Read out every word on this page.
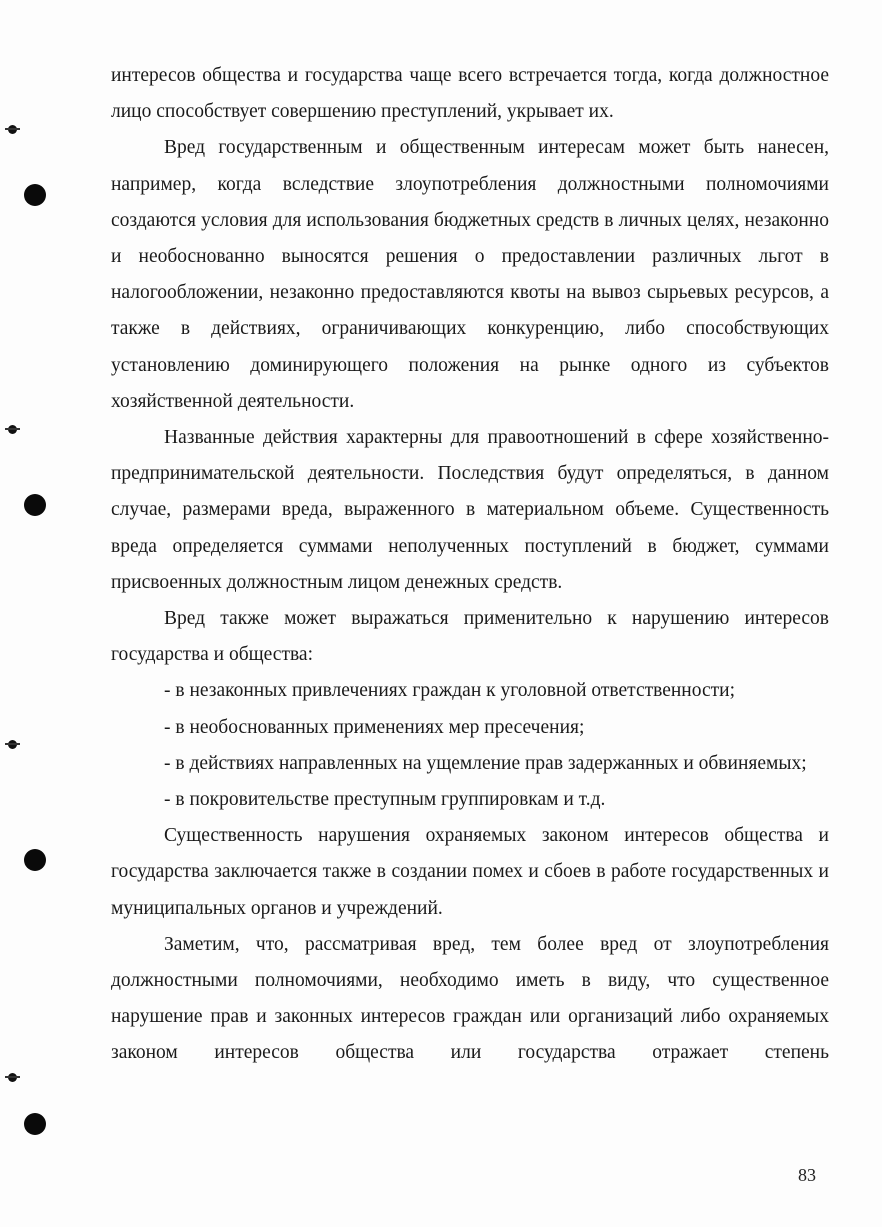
интересов общества и государства чаще всего встречается тогда, когда должностное лицо способствует совершению преступлений, укрывает их.

Вред государственным и общественным интересам может быть нанесен, например, когда вследствие злоупотребления должностными полномочиями создаются условия для использования бюджетных средств в личных целях, незаконно и необоснованно выносятся решения о предоставлении различных льгот в налогообложении, незаконно предоставляются квоты на вывоз сырьевых ресурсов, а также в действиях, ограничивающих конкуренцию, либо способствующих установлению доминирующего положения на рынке одного из субъектов хозяйственной деятельности.

Названные действия характерны для правоотношений в сфере хозяйственно-предпринимательской деятельности. Последствия будут определяться, в данном случае, размерами вреда, выраженного в материальном объеме. Существенность вреда определяется суммами неполученных поступлений в бюджет, суммами присвоенных должностным лицом денежных средств.

Вред также может выражаться применительно к нарушению интересов государства и общества:

- в незаконных привлечениях граждан к уголовной ответственности;

- в необоснованных применениях мер пресечения;

- в действиях направленных на ущемление прав задержанных и обвиняемых;

- в покровительстве преступным группировкам и т.д.

Существенность нарушения охраняемых законом интересов общества и государства заключается также в создании помех и сбоев в работе государственных и муниципальных органов и учреждений.

Заметим, что, рассматривая вред, тем более вред от злоупотребления должностными полномочиями, необходимо иметь в виду, что существенное нарушение прав и законных интересов граждан или организаций либо охраняемых законом интересов общества или государства отражает степень

83
